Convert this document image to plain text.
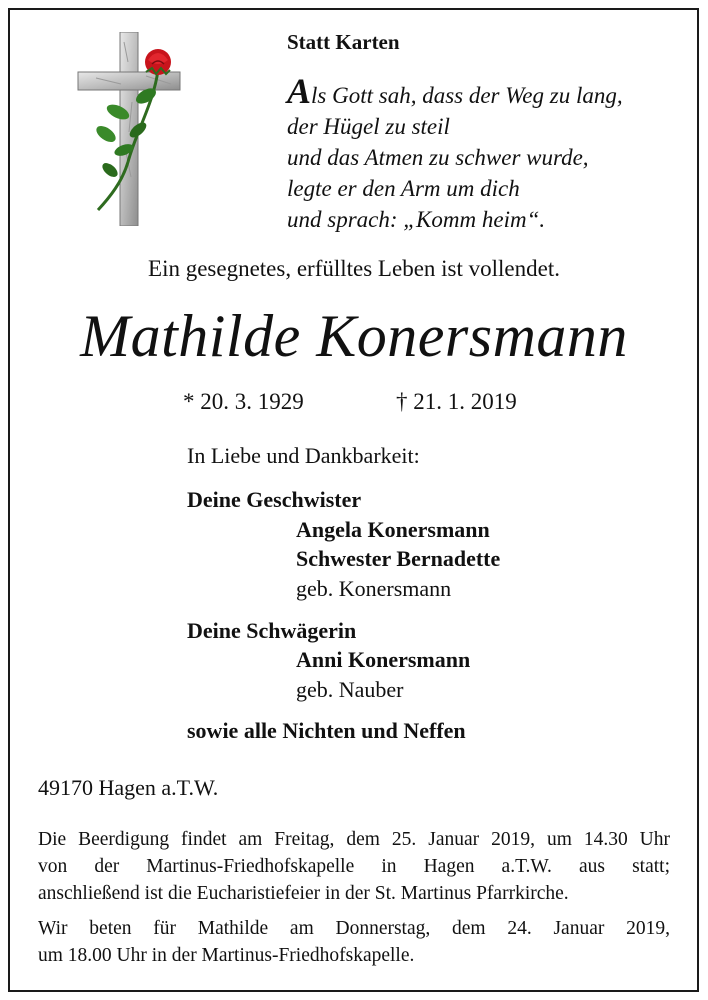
Statt Karten
Als Gott sah, dass der Weg zu lang,
der Hügel zu steil
und das Atmen zu schwer wurde,
legte er den Arm um dich
und sprach: „Komm heim“.
Ein gesegnetes, erfülltes Leben ist vollendet.
Mathilde Konersmann
* 20. 3. 1929	† 21. 1. 2019
In Liebe und Dankbarkeit:
Deine Geschwister
Angela Konersmann
Schwester Bernadette
geb. Konersmann
Deine Schwägerin
Anni Konersmann
geb. Nauber
sowie alle Nichten und Neffen
49170 Hagen a.T.W.
Die Beerdigung findet am Freitag, dem 25. Januar 2019, um 14.30 Uhr
von der Martinus-Friedhofskapelle in Hagen a.T.W. aus statt;
anschließend ist die Eucharistiefeier in der St. Martinus Pfarrkirche.
Wir beten für Mathilde am Donnerstag, dem 24. Januar 2019,
um 18.00 Uhr in der Martinus-Friedhofskapelle.
